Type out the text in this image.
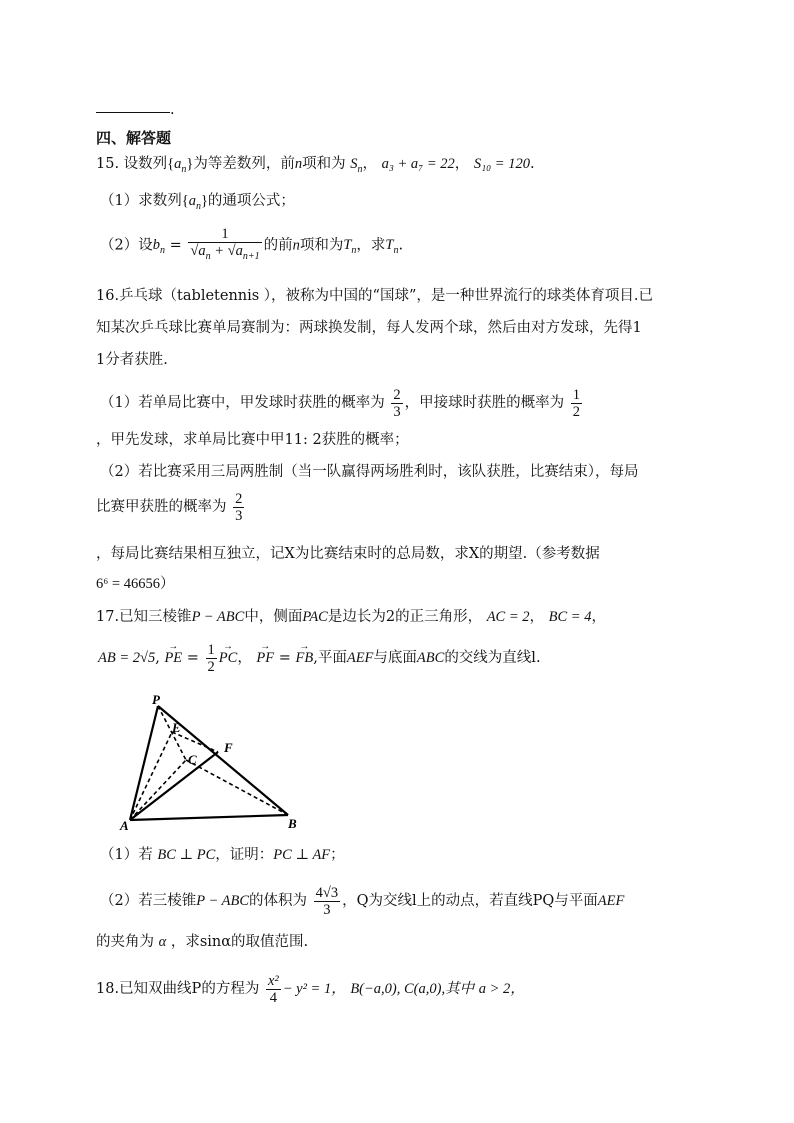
.
四、解答题
15. 设数列$\{a_n\}$为等差数列，前n项和为 $S_n$， a₃ + a₇ = 22， S₁₀ = 120.
（1）求数列$\{a_n\}$的通项公式；
（2）设$b_n = \frac{1}{√a_n + √a_{n+1}}$ 的前n项和为$T_n$，求$T_n$.
16.乒乓球（tabletennis ），被称为中国的“国球”，是一种世界流行的球类体育项目.已
知某次乒乓球比赛单局赛制为：两球换发制，每人发两个球，然后由对方发球，先得1
1分者获胜.
（1）若单局比赛中，甲发球时获胜的概率为 $\frac{2}{3}$ ，甲接球时获胜的概率为 $\frac{1}{2}$
，甲先发球，求单局比赛中甲11: 2获胜的概率；
（2）若比赛采用三局两胜制（当一队赢得两场胜利时，该队获胜，比赛结束），每局
比赛甲获胜的概率为 $\frac{2}{3}$
，每局比赛结果相互独立，记X为比赛结束时的总局数，求X的期望.（参考数据
6⁶ = 46656）
17.已知三棱锥P − ABC中，侧面PAC是边长为2的正三角形， AC = 2， BC = 4，
AB = 2√5, → PE = $\frac{1}{2}$
→ PC， → PF = → FB,平面AEF与底面ABC的交线为直线l.
P
E
C
F
A	B
（1）若 BC ⊥ PC，证明：PC ⊥ AF；
（2）若三棱锥P − ABC的体积为 $\frac{4√3}{3}$ ，Q为交线l上的动点，若直线PQ与平面AEF
的夹角为 α ，求sinα的取值范围.
18.已知双曲线P的方程为 $\frac{\text{x²}}{4} - y^2 = 1$， B(−a,0), C(a,0),其中 a > 2，
